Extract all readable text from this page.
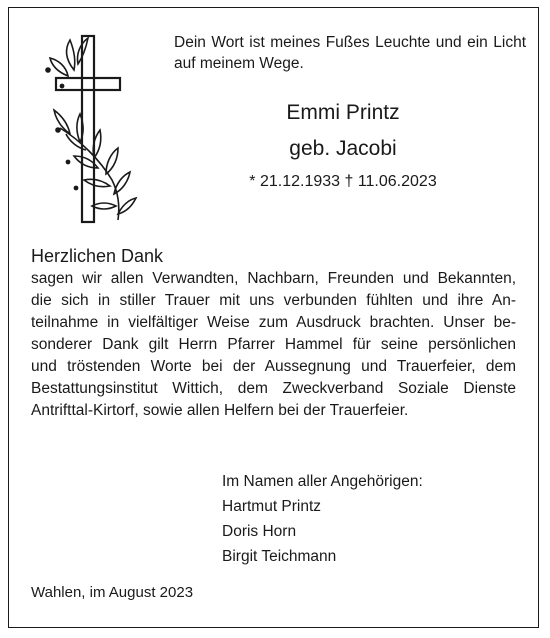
Dein Wort ist meines Fußes Leuchte und ein Licht auf meinem Wege.
Emmi Printz
geb. Jacobi
* 21.12.1933 † 11.06.2023
Herzlichen Dank
sagen wir allen Verwandten, Nachbarn, Freunden und Bekannten,
die sich in stiller Trauer mit uns verbunden fühlten und ihre An-
teilnahme in vielfältiger Weise zum Ausdruck brachten. Unser be-
sonderer Dank gilt Herrn Pfarrer Hammel für seine persönlichen
und tröstenden Worte bei der Aussegnung und Trauerfeier, dem
Bestattungsinstitut Wittich, dem Zweckverband Soziale Dienste
Antrifttal-Kirtorf, sowie allen Helfern bei der Trauerfeier.
Im Namen aller Angehörigen:
Hartmut Printz
Doris Horn
Birgit Teichmann
Wahlen, im August 2023
